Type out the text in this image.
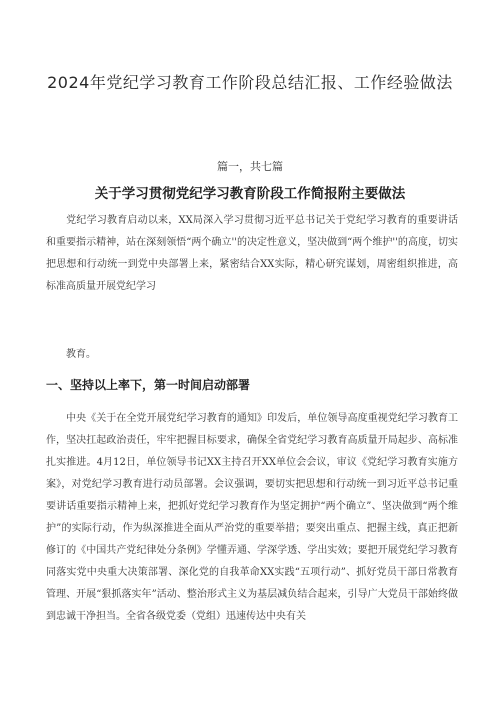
2024年党纪学习教育工作阶段总结汇报、工作经验做法
篇一，共七篇
关于学习贯彻党纪学习教育阶段工作简报附主要做法

党纪学习教育启动以来，XX局深入学习贯彻习近平总书记关于党纪学习教育的重要讲话和重要指示精神，站在深刻领悟“两个确立''的决定性意义，坚决做到“两个维护''的高度，切实把思想和行动统一到党中央部署上来，紧密结合XX实际，精心研究谋划，周密组织推进，高标准高质量开展党纪学习

教育。

一、坚持以上率下，第一时间启动部署

中央《关于在全党开展党纪学习教育的通知》印发后，单位领导高度重视党纪学习教育工作，坚决扛起政治责任，牢牢把握目标要求，确保全省党纪学习教育高质量开局起步、高标准扎实推进。4月12日，单位领导书记XX主持召开XX单位会会议，审议《党纪学习教育实施方案》，对党纪学习教育进行动员部署。会议强调，要切实把思想和行动统一到习近平总书记重要讲话重要指示精神上来，把抓好党纪学习教育作为坚定拥护“两个确立”、坚决做到“两个维护”的实际行动，作为纵深推进全面从严治党的重要举措；要突出重点、把握主线，真正把新修订的《中国共产党纪律处分条例》学懂弄通、学深学透、学出实效；要把开展党纪学习教育同落实党中央重大决策部署、深化党的自我革命XX实践“五项行动”、抓好党员干部日常教育管理、开展“狠抓落实年”活动、整治形式主义为基层减负结合起来，引导广大党员干部始终做到忠诚干净担当。全省各级党委（党组）迅速传达中央有关
